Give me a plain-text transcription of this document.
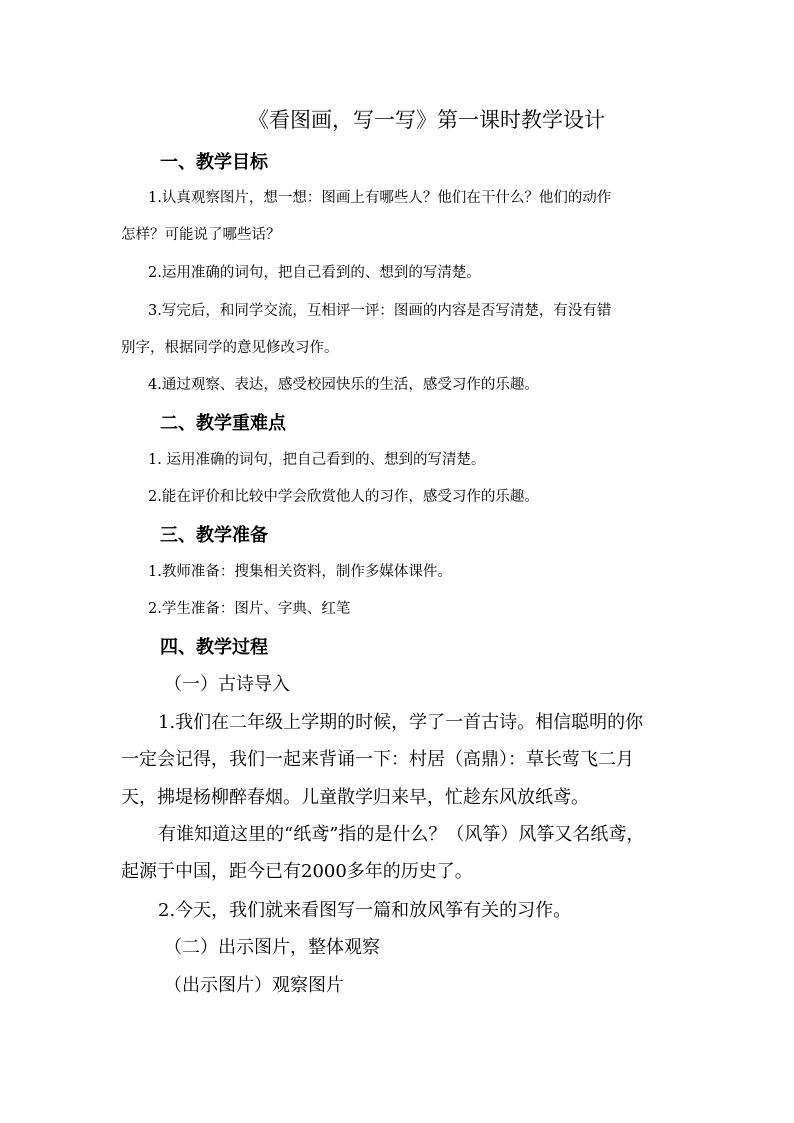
《看图画，写一写》第一课时教学设计
一、教学目标
1.认真观察图片，想一想：图画上有哪些人？他们在干什么？他们的动作
怎样？可能说了哪些话？
2.运用准确的词句，把自己看到的、想到的写清楚。
3.写完后，和同学交流，互相评一评：图画的内容是否写清楚，有没有错
别字，根据同学的意见修改习作。
4.通过观察、表达，感受校园快乐的生活，感受习作的乐趣。
二、教学重难点
1. 运用准确的词句，把自己看到的、想到的写清楚。
2.能在评价和比较中学会欣赏他人的习作，感受习作的乐趣。
三、教学准备
1.教师准备：搜集相关资料，制作多媒体课件。
2.学生准备：图片、字典、红笔
四、教学过程
（一）古诗导入
1.我们在二年级上学期的时候，学了一首古诗。相信聪明的你
一定会记得，我们一起来背诵一下：村居（高鼎）：草长莺飞二月
天，拂堤杨柳醉春烟。儿童散学归来早，忙趁东风放纸鸢。
有谁知道这里的“纸鸢”指的是什么？（风筝）风筝又名纸鸢，
起源于中国，距今已有2000多年的历史了。
2.今天，我们就来看图写一篇和放风筝有关的习作。
（二）出示图片，整体观察
（出示图片）观察图片
